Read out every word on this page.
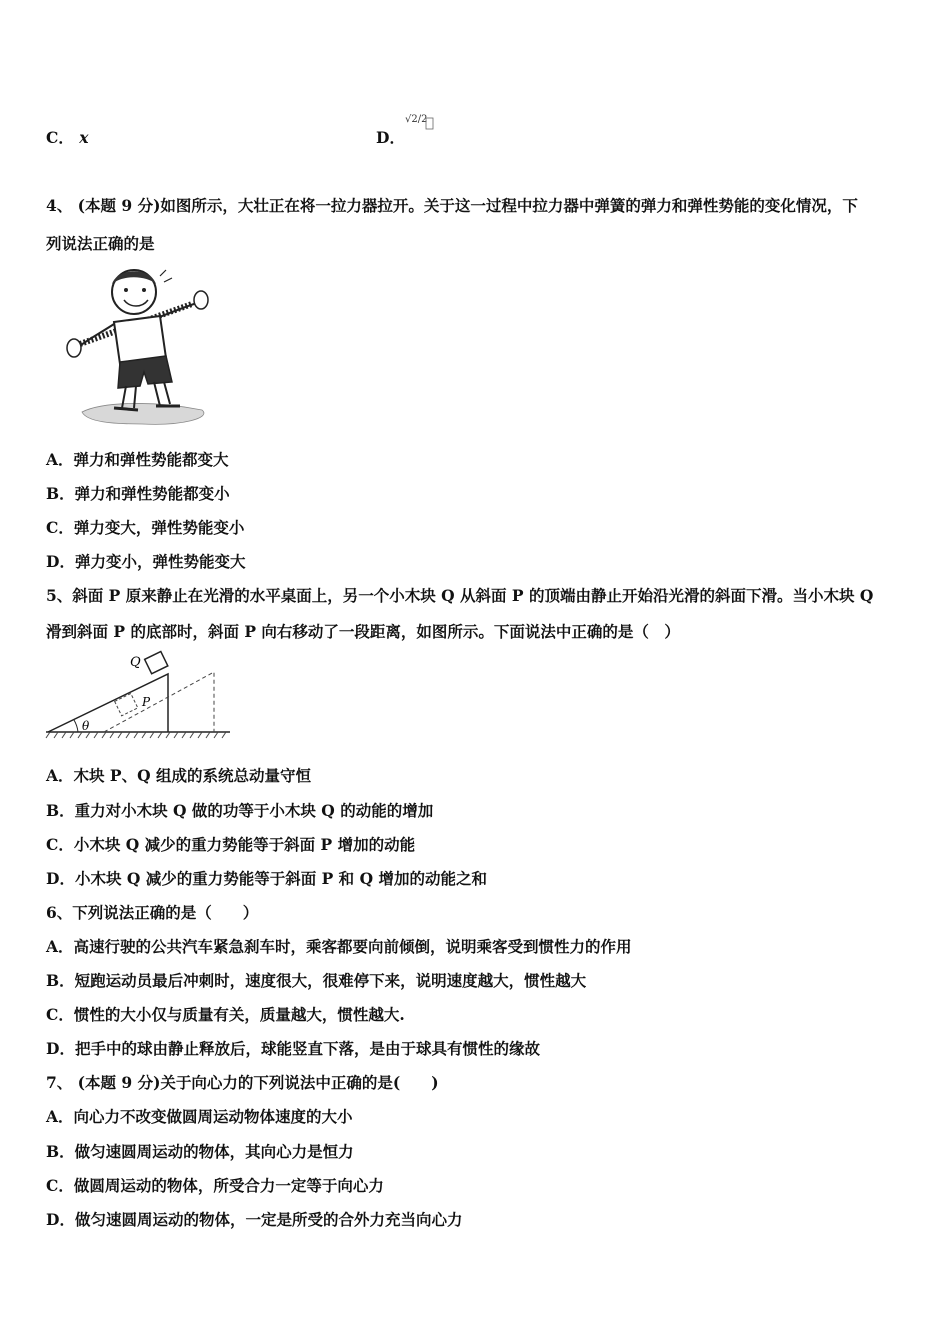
C． x	D．
√2/2
4、 (本题 9 分)如图所示，大壮正在将一拉力器拉开。关于这一过程中拉力器中弹簧的弹力和弹性势能的变化情况，下
列说法正确的是
A．弹力和弹性势能都变大
B．弹力和弹性势能都变小
C．弹力变大，弹性势能变小
D．弹力变小，弹性势能变大
5、斜面 P 原来静止在光滑的水平桌面上，另一个小木块 Q 从斜面 P 的顶端由静止开始沿光滑的斜面下滑。当小木块 Q
滑到斜面 P 的底部时，斜面 P 向右移动了一段距离，如图所示。下面说法中正确的是（　）
θ
Q
P
A．木块 P、Q 组成的系统总动量守恒
B．重力对小木块 Q 做的功等于小木块 Q 的动能的增加
C．小木块 Q 减少的重力势能等于斜面 P 增加的动能
D．小木块 Q 减少的重力势能等于斜面 P 和 Q 增加的动能之和
6、下列说法正确的是（　　）
A．高速行驶的公共汽车紧急刹车时，乘客都要向前倾倒，说明乘客受到惯性力的作用
B．短跑运动员最后冲刺时，速度很大，很难停下来，说明速度越大，惯性越大
C．惯性的大小仅与质量有关，质量越大，惯性越大.
D．把手中的球由静止释放后，球能竖直下落，是由于球具有惯性的缘故
7、 (本题 9 分)关于向心力的下列说法中正确的是(　　)
A．向心力不改变做圆周运动物体速度的大小
B．做匀速圆周运动的物体，其向心力是恒力
C．做圆周运动的物体，所受合力一定等于向心力
D．做匀速圆周运动的物体，一定是所受的合外力充当向心力
